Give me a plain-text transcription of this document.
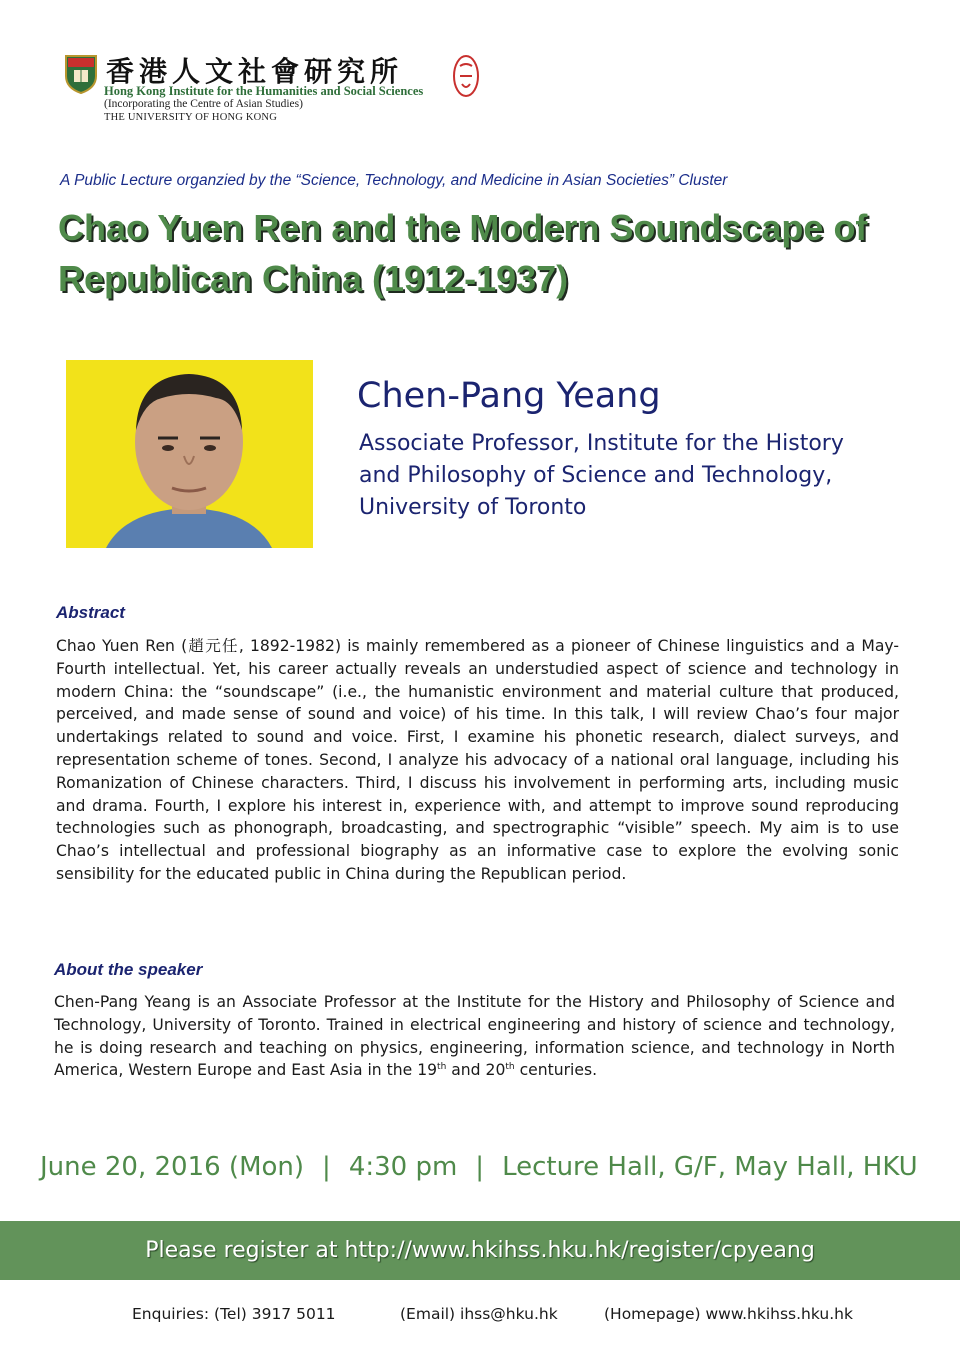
香港人文社會研究所
Hong Kong Institute for the Humanities and Social Sciences
(Incorporating the Centre of Asian Studies)
THE UNIVERSITY OF HONG KONG
A Public Lecture organzied by the “Science, Technology, and Medicine in Asian Societies” Cluster
Chao Yuen Ren and the Modern Soundscape of Republican China (1912-1937)
Chen-Pang Yeang
Associate Professor, Institute for the History
and Philosophy of Science and Technology,
University of Toronto
Abstract
Chao Yuen Ren (趙元任, 1892-1982) is mainly remembered as a pioneer of Chinese linguistics and a May-Fourth intellectual. Yet, his career actually reveals an understudied aspect of science and technology in modern China: the “soundscape” (i.e., the humanistic environment and material culture that produced, perceived, and made sense of sound and voice) of his time. In this talk, I will review Chao’s four major undertakings related to sound and voice. First, I examine his phonetic research, dialect surveys, and representation scheme of tones. Second, I analyze his advocacy of a national oral language, including his Romanization of Chinese characters. Third, I discuss his involvement in performing arts, including music and drama. Fourth, I explore his interest in, experience with, and attempt to improve sound reproducing technologies such as phonograph, broadcasting, and spectrographic “visible” speech. My aim is to use Chao’s intellectual and professional biography as an informative case to explore the evolving sonic sensibility for the educated public in China during the Republican period.
About the speaker
Chen-Pang Yeang is an Associate Professor at the Institute for the History and Philosophy of Science and Technology, University of Toronto. Trained in electrical engineering and history of science and technology, he is doing research and teaching on physics, engineering, information science, and technology in North America, Western Europe and East Asia in the 19th and 20th centuries.
June 20, 2016 (Mon) | 4:30 pm | Lecture Hall, G/F, May Hall, HKU
Please register at http://www.hkihss.hku.hk/register/cpyeang
Enquiries: (Tel) 3917 5011	(Email) ihss@hku.hk	(Homepage) www.hkihss.hku.hk
